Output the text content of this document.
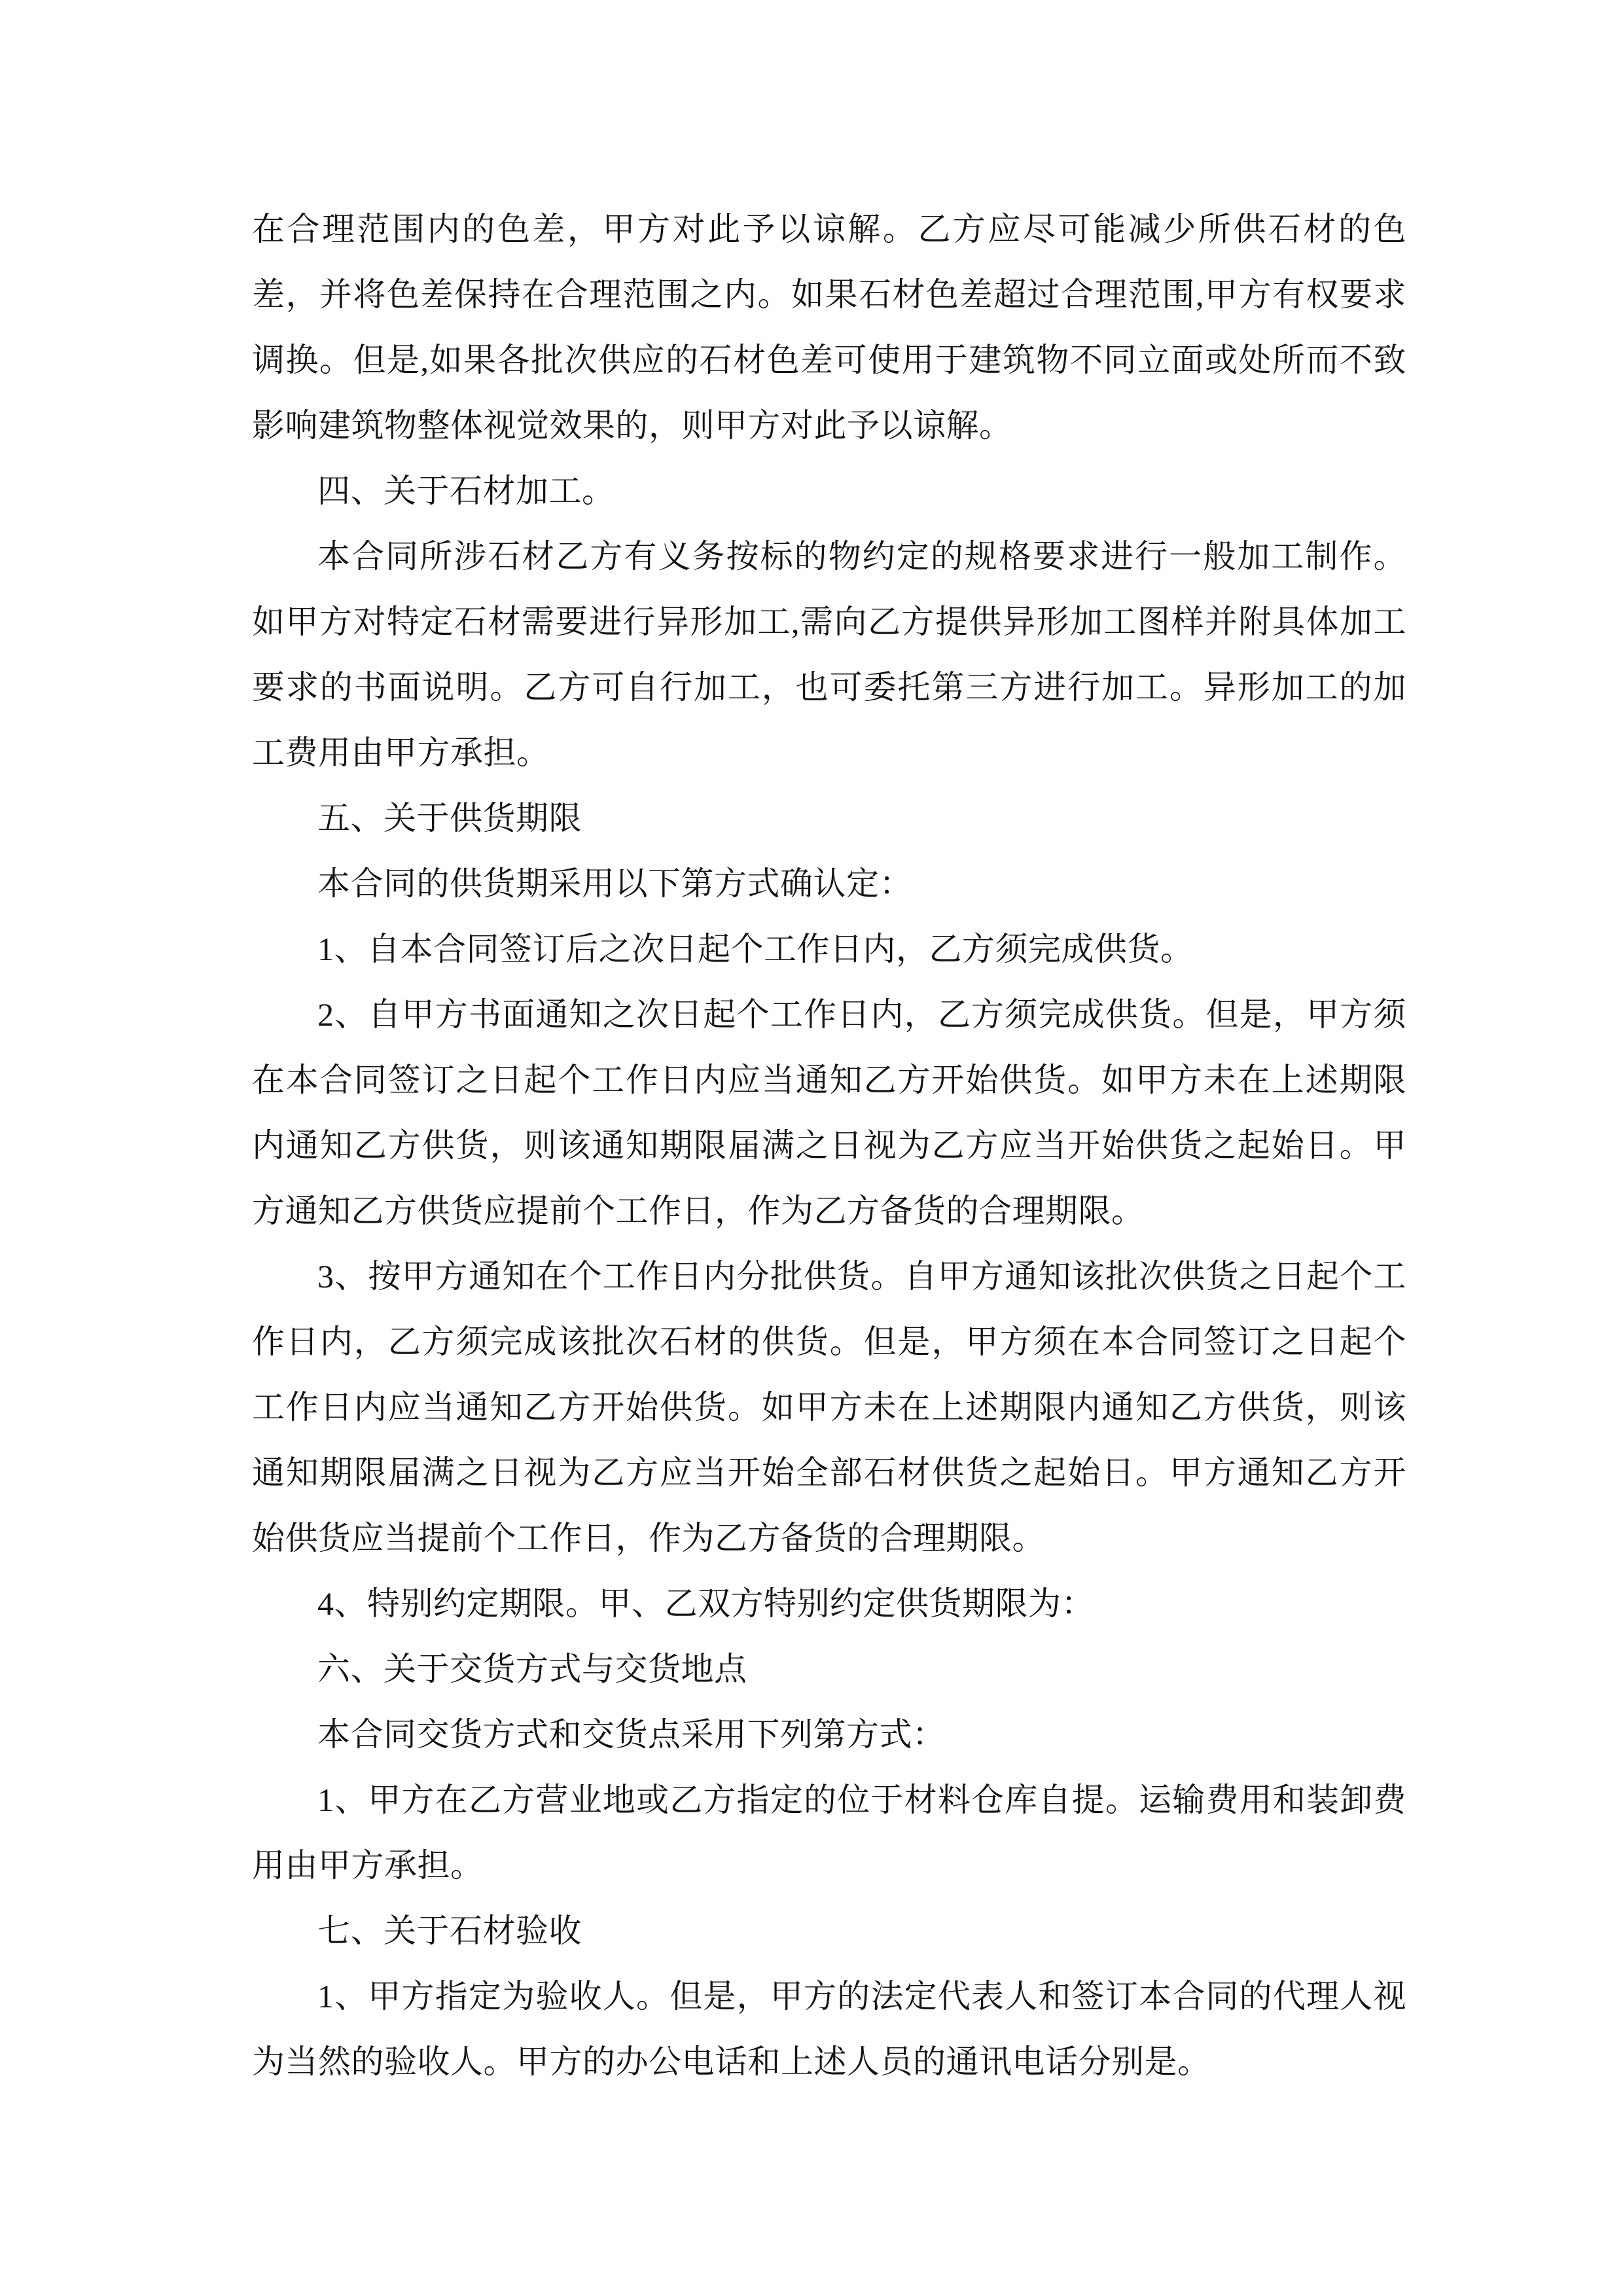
在合理范围内的色差，甲方对此予以谅解。乙方应尽可能减少所供石材的色差，并将色差保持在合理范围之内。如果石材色差超过合理范围,甲方有权要求调换。但是,如果各批次供应的石材色差可使用于建筑物不同立面或处所而不致影响建筑物整体视觉效果的，则甲方对此予以谅解。

四、关于石材加工。

本合同所涉石材乙方有义务按标的物约定的规格要求进行一般加工制作。如甲方对特定石材需要进行异形加工,需向乙方提供异形加工图样并附具体加工要求的书面说明。乙方可自行加工，也可委托第三方进行加工。异形加工的加工费用由甲方承担。

五、关于供货期限

本合同的供货期采用以下第方式确认定：

1、自本合同签订后之次日起个工作日内，乙方须完成供货。

2、自甲方书面通知之次日起个工作日内，乙方须完成供货。但是，甲方须在本合同签订之日起个工作日内应当通知乙方开始供货。如甲方未在上述期限内通知乙方供货，则该通知期限届满之日视为乙方应当开始供货之起始日。甲方通知乙方供货应提前个工作日，作为乙方备货的合理期限。

3、按甲方通知在个工作日内分批供货。自甲方通知该批次供货之日起个工作日内，乙方须完成该批次石材的供货。但是，甲方须在本合同签订之日起个工作日内应当通知乙方开始供货。如甲方未在上述期限内通知乙方供货，则该通知期限届满之日视为乙方应当开始全部石材供货之起始日。甲方通知乙方开始供货应当提前个工作日，作为乙方备货的合理期限。

4、特别约定期限。甲、乙双方特别约定供货期限为：

六、关于交货方式与交货地点

本合同交货方式和交货点采用下列第方式：

1、甲方在乙方营业地或乙方指定的位于材料仓库自提。运输费用和装卸费用由甲方承担。

七、关于石材验收

1、甲方指定为验收人。但是，甲方的法定代表人和签订本合同的代理人视为当然的验收人。甲方的办公电话和上述人员的通讯电话分别是。
